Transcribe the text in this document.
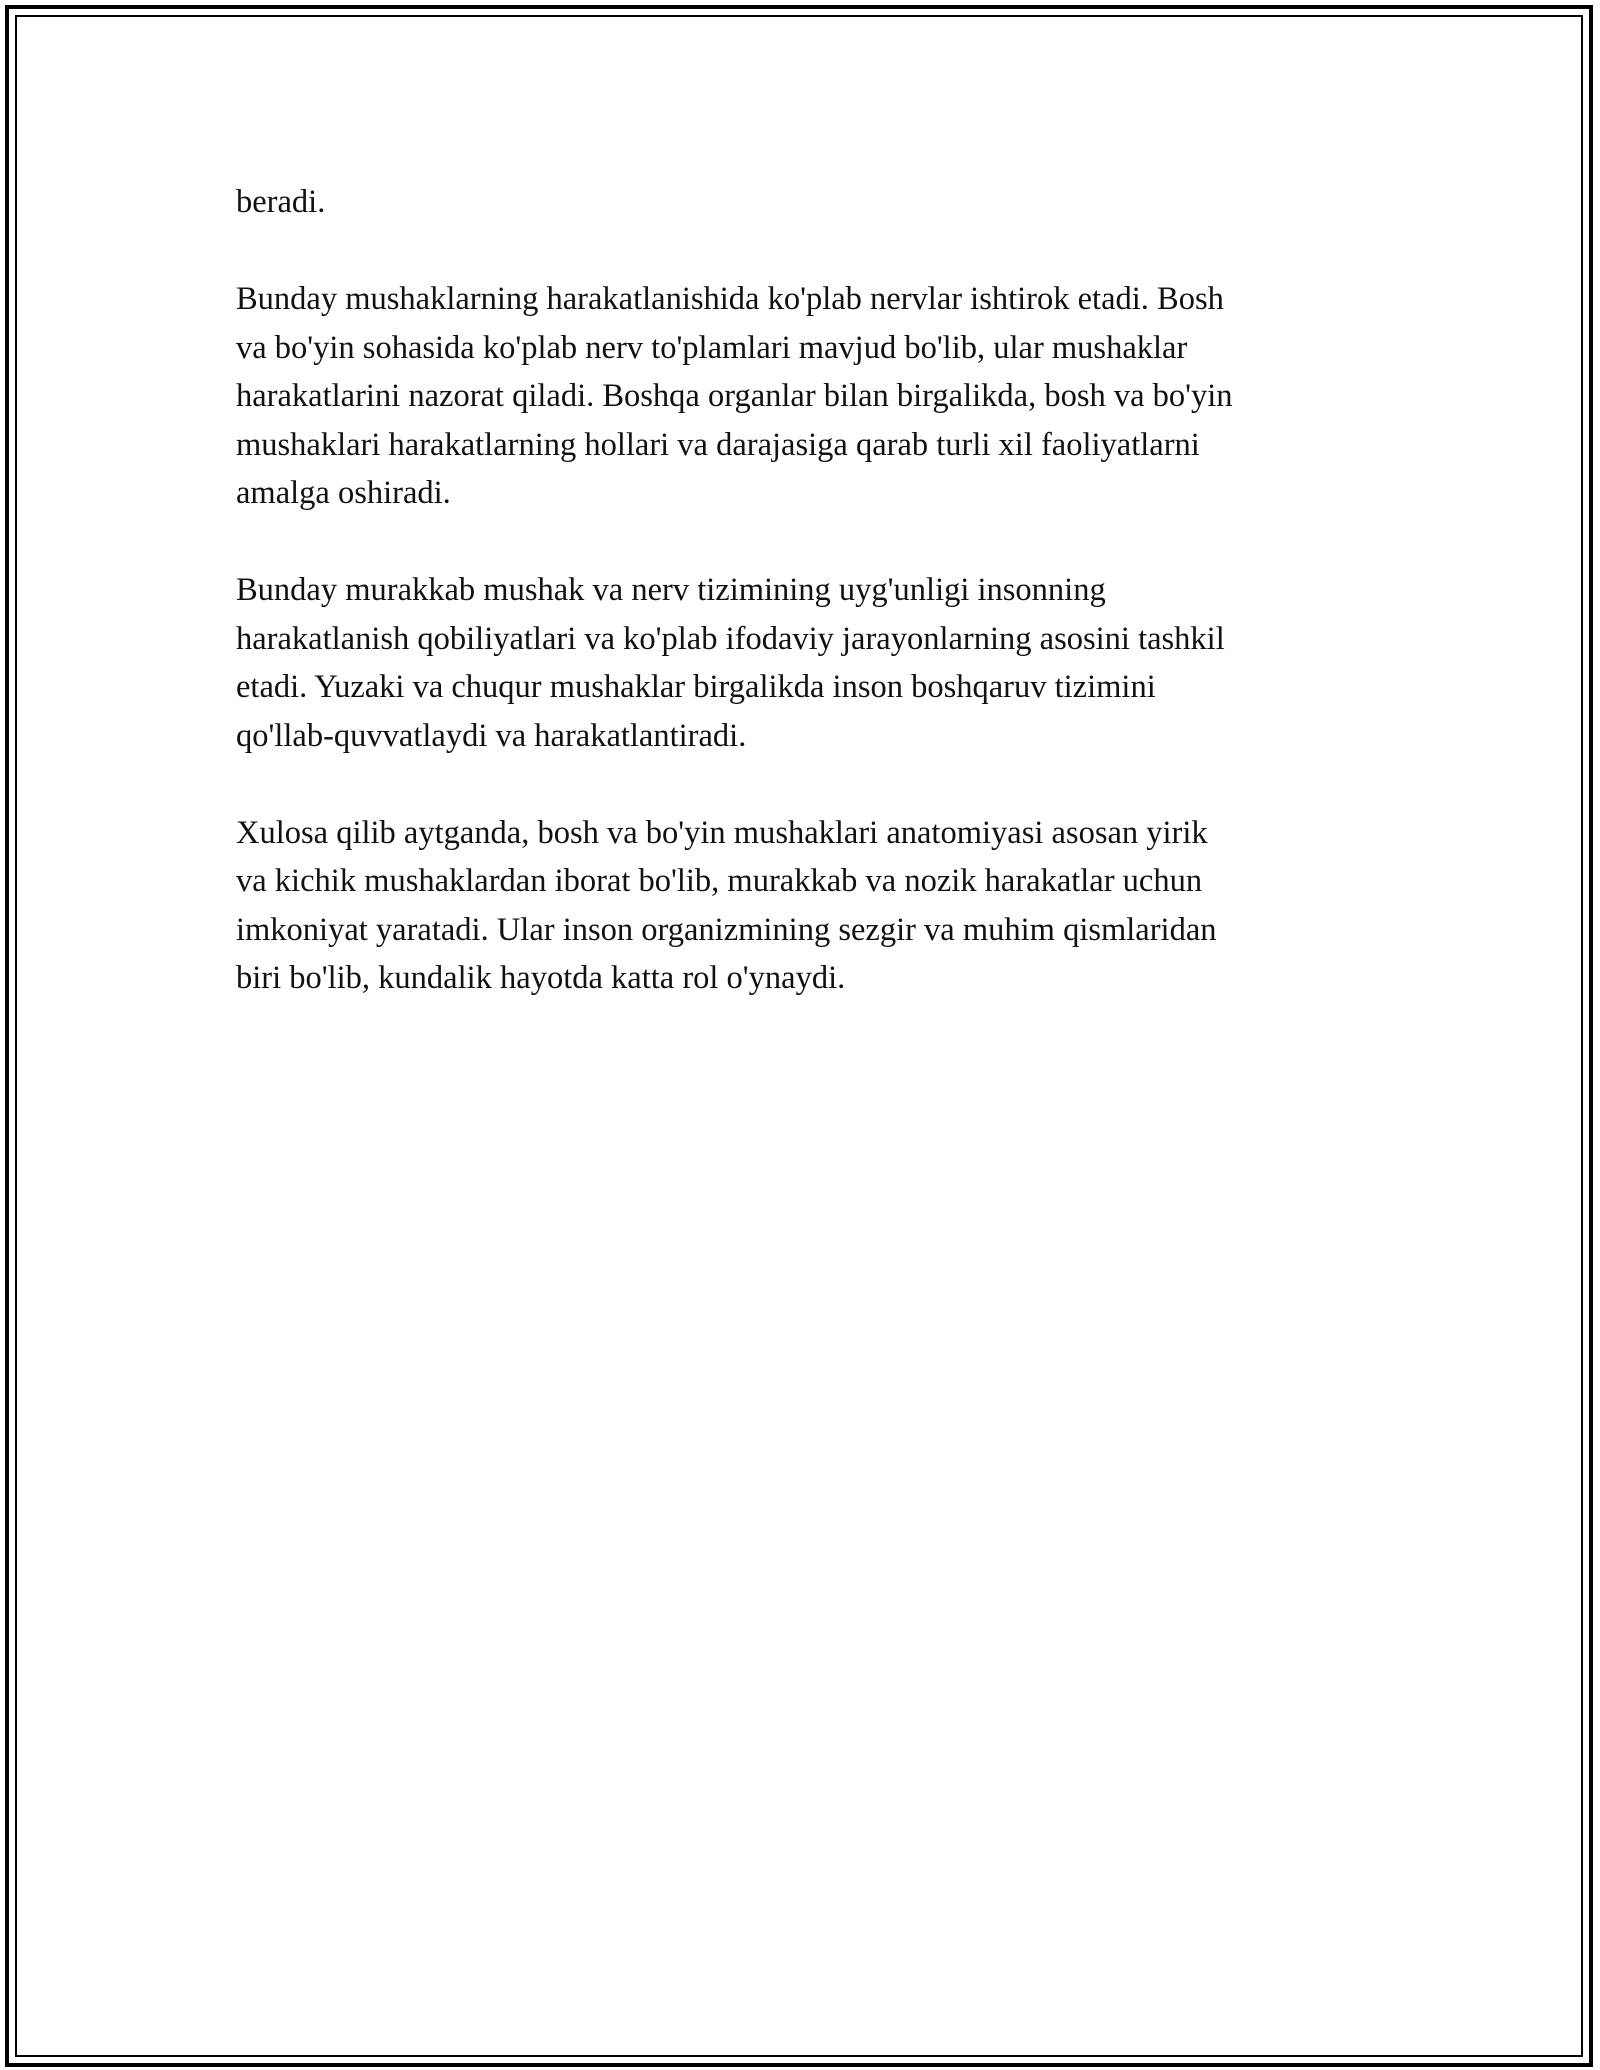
beradi.

Bunday mushaklarning harakatlanishida ko'plab nervlar ishtirok etadi. Bosh
va bo'yin sohasida ko'plab nerv to'plamlari mavjud bo'lib, ular mushaklar
harakatlarini nazorat qiladi. Boshqa organlar bilan birgalikda, bosh va bo'yin
mushaklari harakatlarning hollari va darajasiga qarab turli xil faoliyatlarni
amalga oshiradi.

Bunday murakkab mushak va nerv tizimining uyg'unligi insonning
harakatlanish qobiliyatlari va ko'plab ifodaviy jarayonlarning asosini tashkil
etadi. Yuzaki va chuqur mushaklar birgalikda inson boshqaruv tizimini
qo'llab-quvvatlaydi va harakatlantiradi.

Xulosa qilib aytganda, bosh va bo'yin mushaklari anatomiyasi asosan yirik
va kichik mushaklardan iborat bo'lib, murakkab va nozik harakatlar uchun
imkoniyat yaratadi. Ular inson organizmining sezgir va muhim qismlaridan
biri bo'lib, kundalik hayotda katta rol o'ynaydi.
